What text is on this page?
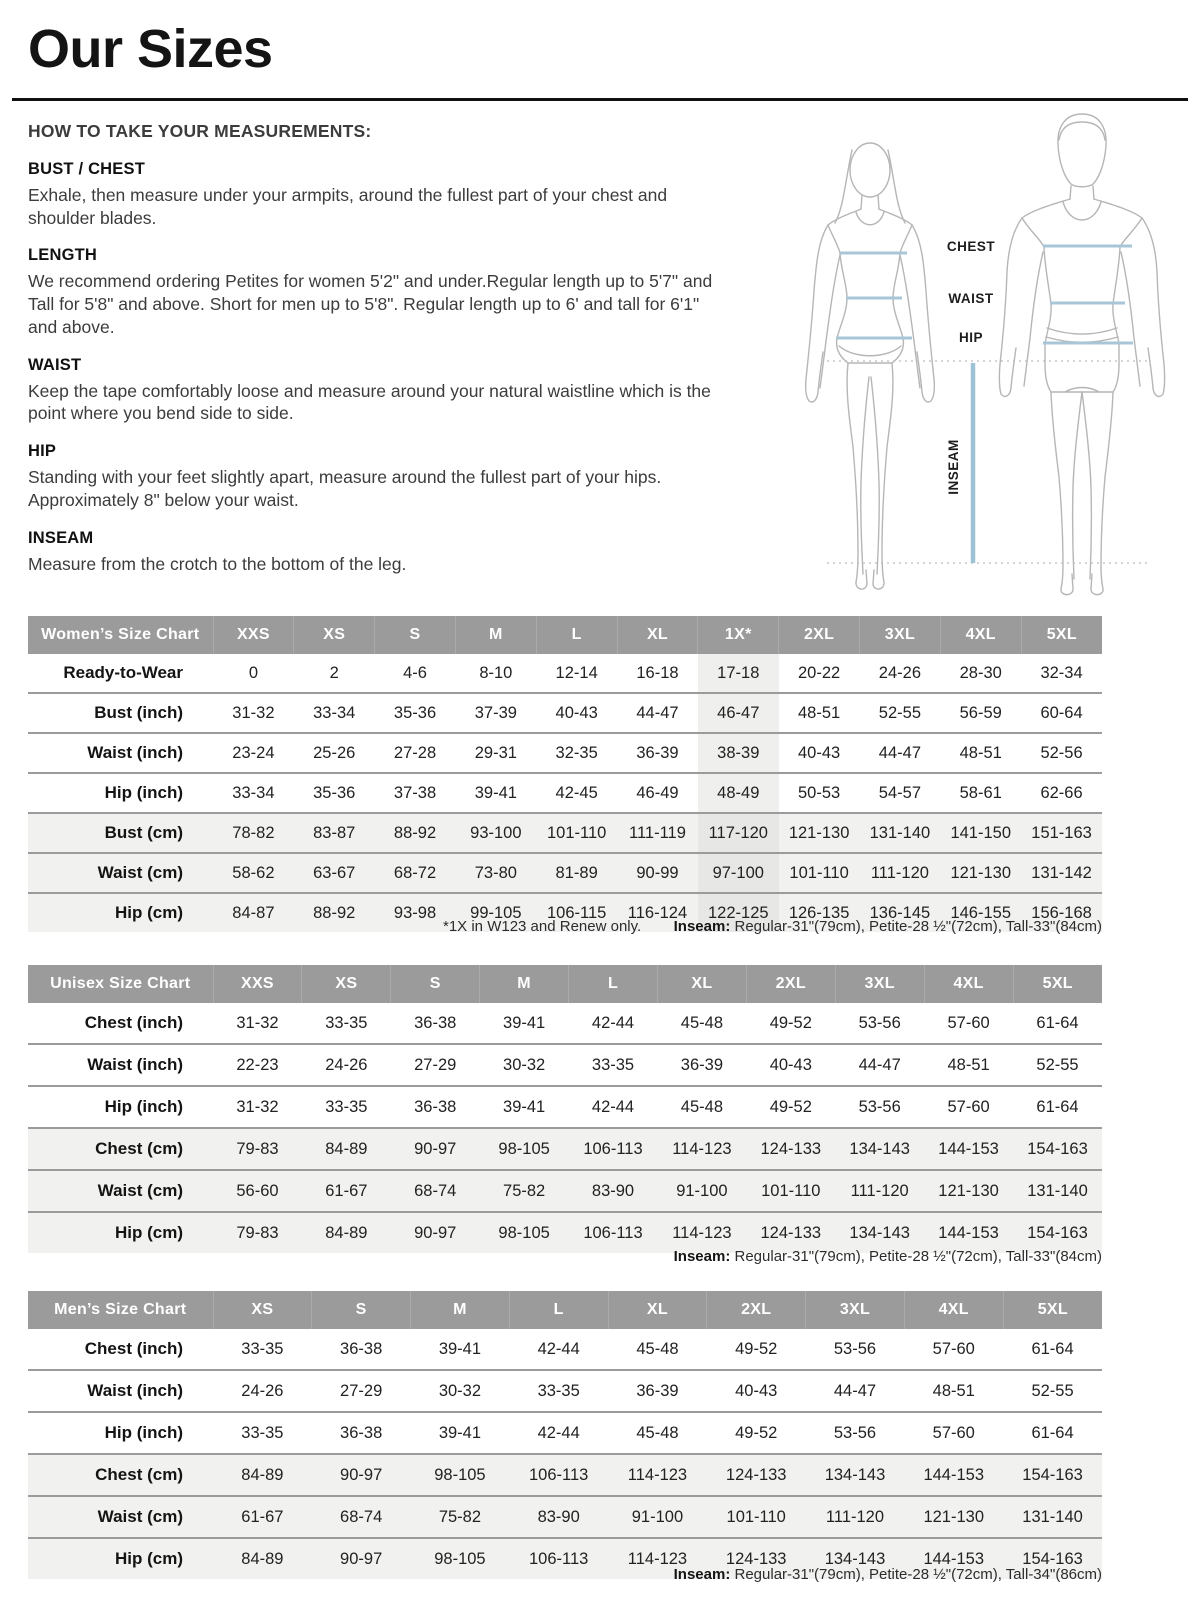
Our Sizes

HOW TO TAKE YOUR MEASUREMENTS:

BUST / CHEST

Exhale, then measure under your armpits, around the fullest part of your chest and shoulder blades.

LENGTH

We recommend ordering Petites for women 5'2" and under.Regular length up to 5'7" and Tall for 5'8" and above. Short for men up to 5'8". Regular length up to 6' and tall for 6'1" and above.

WAIST

Keep the tape comfortably loose and measure around your natural waistline which is the point where you bend side to side.

HIP

Standing with your feet slightly apart, measure around the fullest part of your hips. Approximately 8" below your waist.

INSEAM

Measure from the crotch to the bottom of the leg.

CHEST
WAIST
HIP
INSEAM
Women’s Size Chart	XXS	XS	S	M	L	XL	1X*	2XL	3XL	4XL	5XL
Ready-to-Wear	0	2	4-6	8-10	12-14	16-18	17-18	20-22	24-26	28-30	32-34
Bust (inch)	31-32	33-34	35-36	37-39	40-43	44-47	46-47	48-51	52-55	56-59	60-64
Waist (inch)	23-24	25-26	27-28	29-31	32-35	36-39	38-39	40-43	44-47	48-51	52-56
Hip (inch)	33-34	35-36	37-38	39-41	42-45	46-49	48-49	50-53	54-57	58-61	62-66
Bust (cm)	78-82	83-87	88-92	93-100	101-110	111-119	117-120	121-130	131-140	141-150	151-163
Waist (cm)	58-62	63-67	68-72	73-80	81-89	90-99	97-100	101-110	111-120	121-130	131-142
Hip (cm)	84-87	88-92	93-98	99-105	106-115	116-124	122-125	126-135	136-145	146-155	156-168
*1X in W123 and Renew only. Inseam: Regular-31"(79cm), Petite-28 ½"(72cm), Tall-33"(84cm)
Unisex Size Chart	XXS	XS	S	M	L	XL	2XL	3XL	4XL	5XL
Chest (inch)	31-32	33-35	36-38	39-41	42-44	45-48	49-52	53-56	57-60	61-64
Waist (inch)	22-23	24-26	27-29	30-32	33-35	36-39	40-43	44-47	48-51	52-55
Hip (inch)	31-32	33-35	36-38	39-41	42-44	45-48	49-52	53-56	57-60	61-64
Chest (cm)	79-83	84-89	90-97	98-105	106-113	114-123	124-133	134-143	144-153	154-163
Waist (cm)	56-60	61-67	68-74	75-82	83-90	91-100	101-110	111-120	121-130	131-140
Hip (cm)	79-83	84-89	90-97	98-105	106-113	114-123	124-133	134-143	144-153	154-163
Inseam: Regular-31"(79cm), Petite-28 ½"(72cm), Tall-33"(84cm)
Men’s Size Chart	XS	S	M	L	XL	2XL	3XL	4XL	5XL
Chest (inch)	33-35	36-38	39-41	42-44	45-48	49-52	53-56	57-60	61-64
Waist (inch)	24-26	27-29	30-32	33-35	36-39	40-43	44-47	48-51	52-55
Hip (inch)	33-35	36-38	39-41	42-44	45-48	49-52	53-56	57-60	61-64
Chest (cm)	84-89	90-97	98-105	106-113	114-123	124-133	134-143	144-153	154-163
Waist (cm)	61-67	68-74	75-82	83-90	91-100	101-110	111-120	121-130	131-140
Hip (cm)	84-89	90-97	98-105	106-113	114-123	124-133	134-143	144-153	154-163
Inseam: Regular-31"(79cm), Petite-28 ½"(72cm), Tall-34"(86cm)
